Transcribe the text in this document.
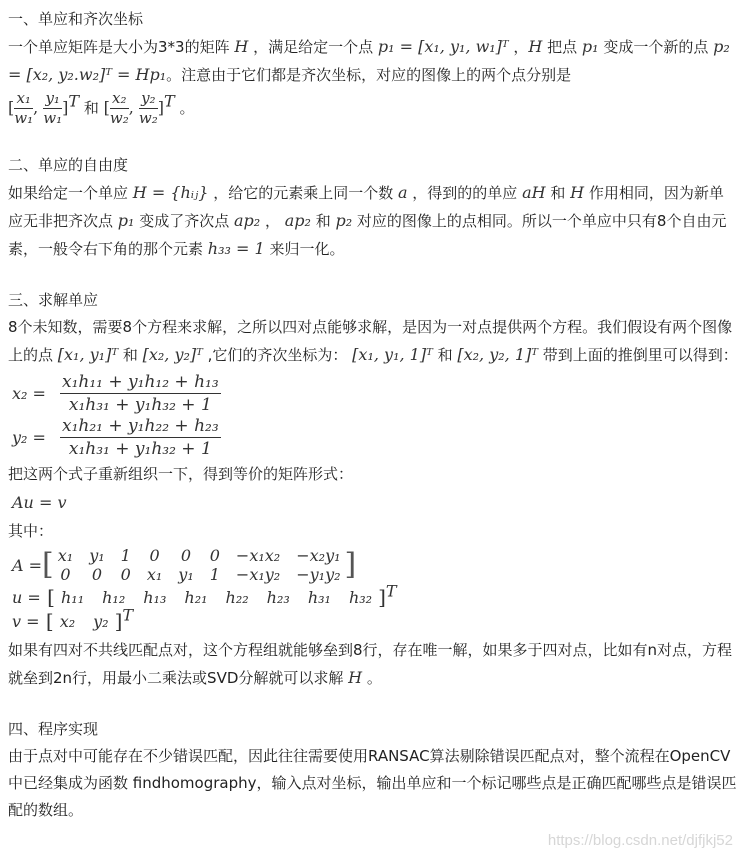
一、单应和齐次坐标

一个单应矩阵是大小为3*3的矩阵 H ，满足给定一个点 p₁ = [x₁, y₁, w₁]ᵀ ，H 把点 p₁ 变成一个新的点 p₂ = [x₂, y₂.w₂]ᵀ = Hp₁。注意由于它们都是齐次坐标，对应的图像上的两个点分别是
[ $\frac{\text{x₁}}{\text{w₁}}$ , $\frac{\text{y₁}}{\text{w₁}} ]^T$ 和 [ $\frac{\text{x₂}}{\text{w₂}}$ , $\frac{\text{y₂}}{\text{w₂}} ]^T$ 。

二、单应的自由度

如果给定一个单应 H = {hᵢⱼ} ，给它的元素乘上同一个数 a ，得到的的单应 aH 和 H 作用相同，因为新单应无非把齐次点 p₁ 变成了齐次点 ap₂ ， ap₂ 和 p₂ 对应的图像上的点相同。所以一个单应中只有8个自由元素，一般令右下角的那个元素 h₃₃ = 1 来归一化。

三、求解单应

8个未知数，需要8个方程来求解，之所以四对点能够求解，是因为一对点提供两个方程。我们假设有两个图像上的点 [x₁, y₁]ᵀ 和 [x₂, y₂]ᵀ ,它们的齐次坐标为： [x₁, y₁, 1]ᵀ 和 [x₂, y₂, 1]ᵀ 带到上面的推倒里可以得到：

$x_2 = \frac{\text{x₁h₁₁ + y₁h₁₂ + h₁₃}}{\text{x₁h₃₁ + y₁h₃₂ + 1}}$
$y_2 = \frac{\text{x₁h₂₁ + y₁h₂₂ + h₂₃}}{\text{x₁h₃₁ + y₁h₃₂ + 1}}$

把这两个式子重新组织一下，得到等价的矩阵形式：

Au = v

其中：

A = [ x₁ y₁ 1 0 0 0 −x₁x₂ −x₂y₁
0 0 0 x₁ y₁ 1 −x₁y₂ −y₁y₂ ]
u = [ h₁₁ h₁₂ h₁₃ h₂₁ h₂₂ h₂₃ h₃₁ h₃₂ ]$^T$
v = [ x₂ y₂ ]$^T$

如果有四对不共线匹配点对，这个方程组就能够垒到8行，存在唯一解，如果多于四对点，比如有n对点，方程就垒到2n行，用最小二乘法或SVD分解就可以求解 H 。

四、程序实现

由于点对中可能存在不少错误匹配，因此往往需要使用RANSAC算法剔除错误匹配点对，整个流程在OpenCV中已经集成为函数 findhomography，输入点对坐标，输出单应和一个标记哪些点是正确匹配哪些点是错误匹配的数组。

https://blog.csdn.net/djfjkj52
